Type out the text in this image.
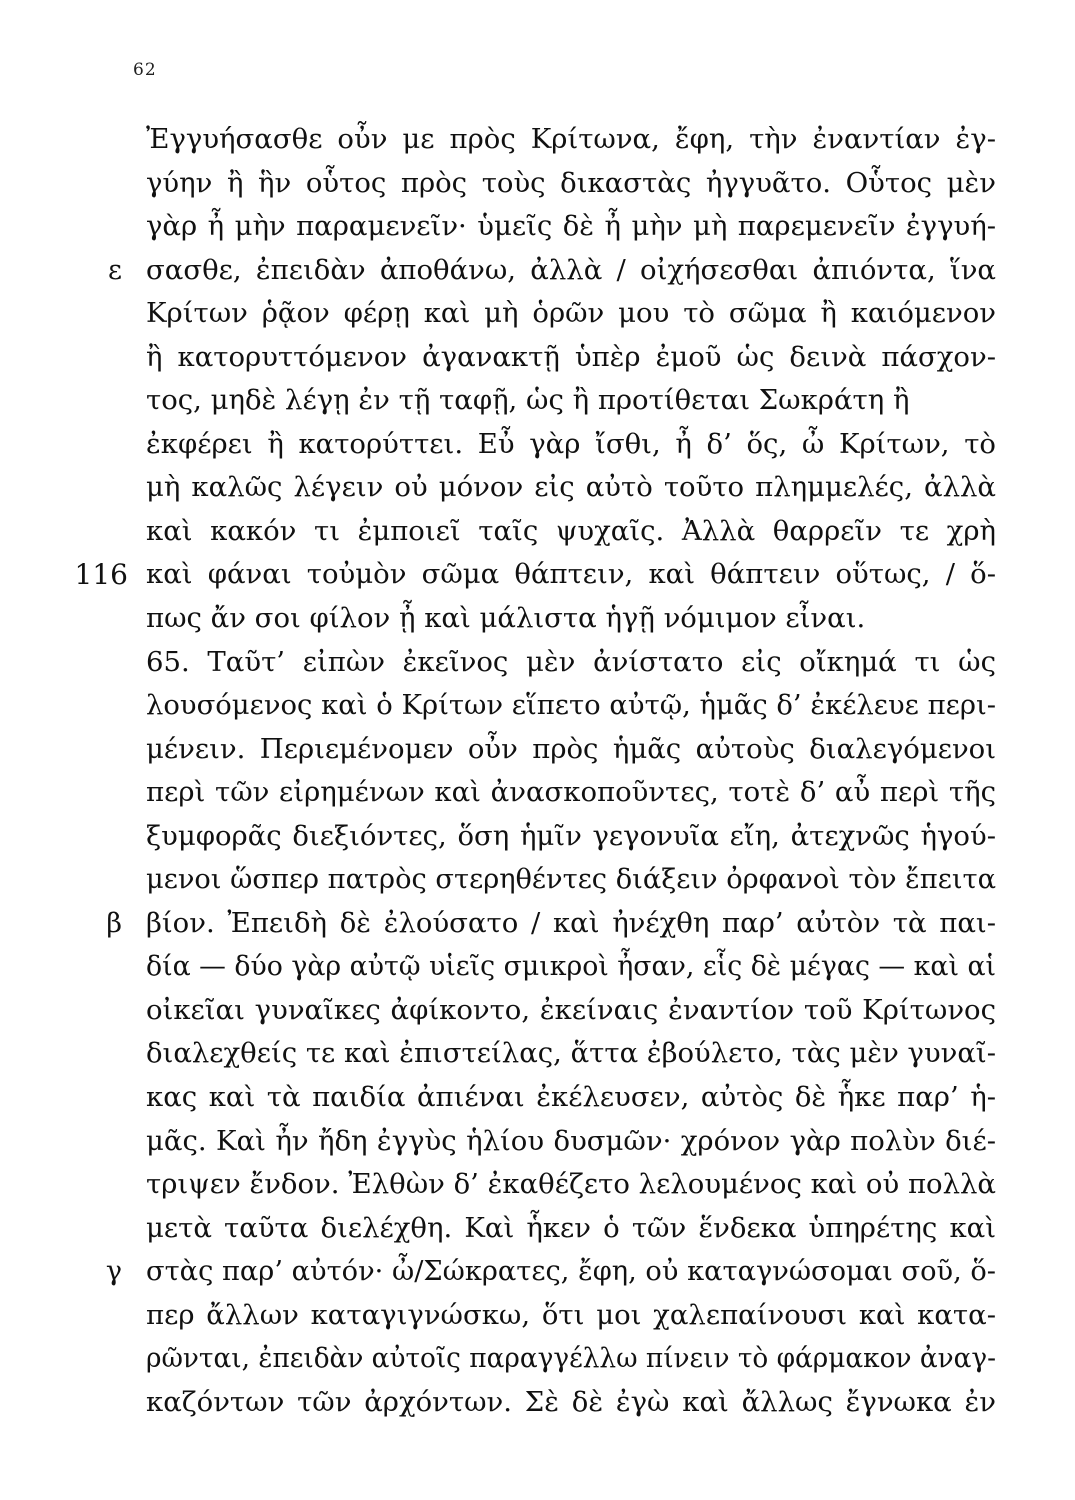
62
Ἐγγυήσασθε οὖν με πρὸς Κρίτωνα, ἔφη, τὴν ἐναντίαν ἐγ-
γύην ἢ ἣν οὗτος πρὸς τοὺς δικαστὰς ἠγγυᾶτο. Οὗτος μὲν
γὰρ ἦ μὴν παραμενεῖν· ὑμεῖς δὲ ἦ μὴν μὴ παρεμενεῖν ἐγγυή-
ε σασθε, ἐπειδὰν ἀποθάνω, ἀλλὰ / οἰχήσεσθαι ἀπιόντα, ἵνα
Κρίτων ῥᾷον φέρῃ καὶ μὴ ὁρῶν μου τὸ σῶμα ἢ καιόμενον
ἢ κατορυττόμενον ἀγανακτῇ ὑπὲρ ἐμοῦ ὡς δεινὰ πάσχον-
τος, μηδὲ λέγῃ ἐν τῇ ταφῇ, ὡς ἢ προτίθεται Σωκράτη ἢ
ἐκφέρει ἢ κατορύττει. Εὖ γὰρ ἴσθι, ἦ δ’ ὅς, ὦ Κρίτων, τὸ
μὴ καλῶς λέγειν οὐ μόνον εἰς αὐτὸ τοῦτο πλημμελές, ἀλλὰ
καὶ κακόν τι ἐμποιεῖ ταῖς ψυχαῖς. Ἀλλὰ θαρρεῖν τε χρὴ
116 καὶ φάναι τοὐμὸν σῶμα θάπτειν, καὶ θάπτειν οὕτως, / ὅ-
πως ἄν σοι φίλον ᾖ καὶ μάλιστα ἡγῇ νόμιμον εἶναι.
65. Ταῦτ’ εἰπὼν ἐκεῖνος μὲν ἀνίστατο εἰς οἴκημά τι ὡς
λουσόμενος καὶ ὁ Κρίτων εἵπετο αὐτῷ, ἡμᾶς δ’ ἐκέλευε περι-
μένειν. Περιεμένομεν οὖν πρὸς ἡμᾶς αὐτοὺς διαλεγόμενοι
περὶ τῶν εἰρημένων καὶ ἀνασκοποῦντες, τοτὲ δ’ αὖ περὶ τῆς
ξυμφορᾶς διεξιόντες, ὅση ἡμῖν γεγονυῖα εἴη, ἀτεχνῶς ἡγού-
μενοι ὥσπερ πατρὸς στερηθέντες διάξειν ὀρφανοὶ τὸν ἔπειτα
β βίον. Ἐπειδὴ δὲ ἐλούσατο / καὶ ἠνέχθη παρ’ αὐτὸν τὰ παι-
δία — δύο γὰρ αὐτῷ υἱεῖς σμικροὶ ἦσαν, εἷς δὲ μέγας — καὶ αἱ
οἰκεῖαι γυναῖκες ἀφίκοντο, ἐκείναις ἐναντίον τοῦ Κρίτωνος
διαλεχθείς τε καὶ ἐπιστείλας, ἅττα ἐβούλετο, τὰς μὲν γυναῖ-
κας καὶ τὰ παιδία ἀπιέναι ἐκέλευσεν, αὐτὸς δὲ ἧκε παρ’ ἡ-
μᾶς. Καὶ ἦν ἤδη ἐγγὺς ἡλίου δυσμῶν· χρόνον γὰρ πολὺν διέ-
τριψεν ἔνδον. Ἐλθὼν δ’ ἐκαθέζετο λελουμένος καὶ οὐ πολλὰ
μετὰ ταῦτα διελέχθη. Καὶ ἧκεν ὁ τῶν ἕνδεκα ὑπηρέτης καὶ
γ στὰς παρ’ αὐτόν· ὦ/Σώκρατες, ἔφη, οὐ καταγνώσομαι σοῦ, ὅ-
περ ἄλλων καταγιγνώσκω, ὅτι μοι χαλεπαίνουσι καὶ κατα-
ρῶνται, ἐπειδὰν αὐτοῖς παραγγέλλω πίνειν τὸ φάρμακον ἀναγ-
καζόντων τῶν ἀρχόντων. Σὲ δὲ ἐγὼ καὶ ἄλλως ἔγνωκα ἐν
